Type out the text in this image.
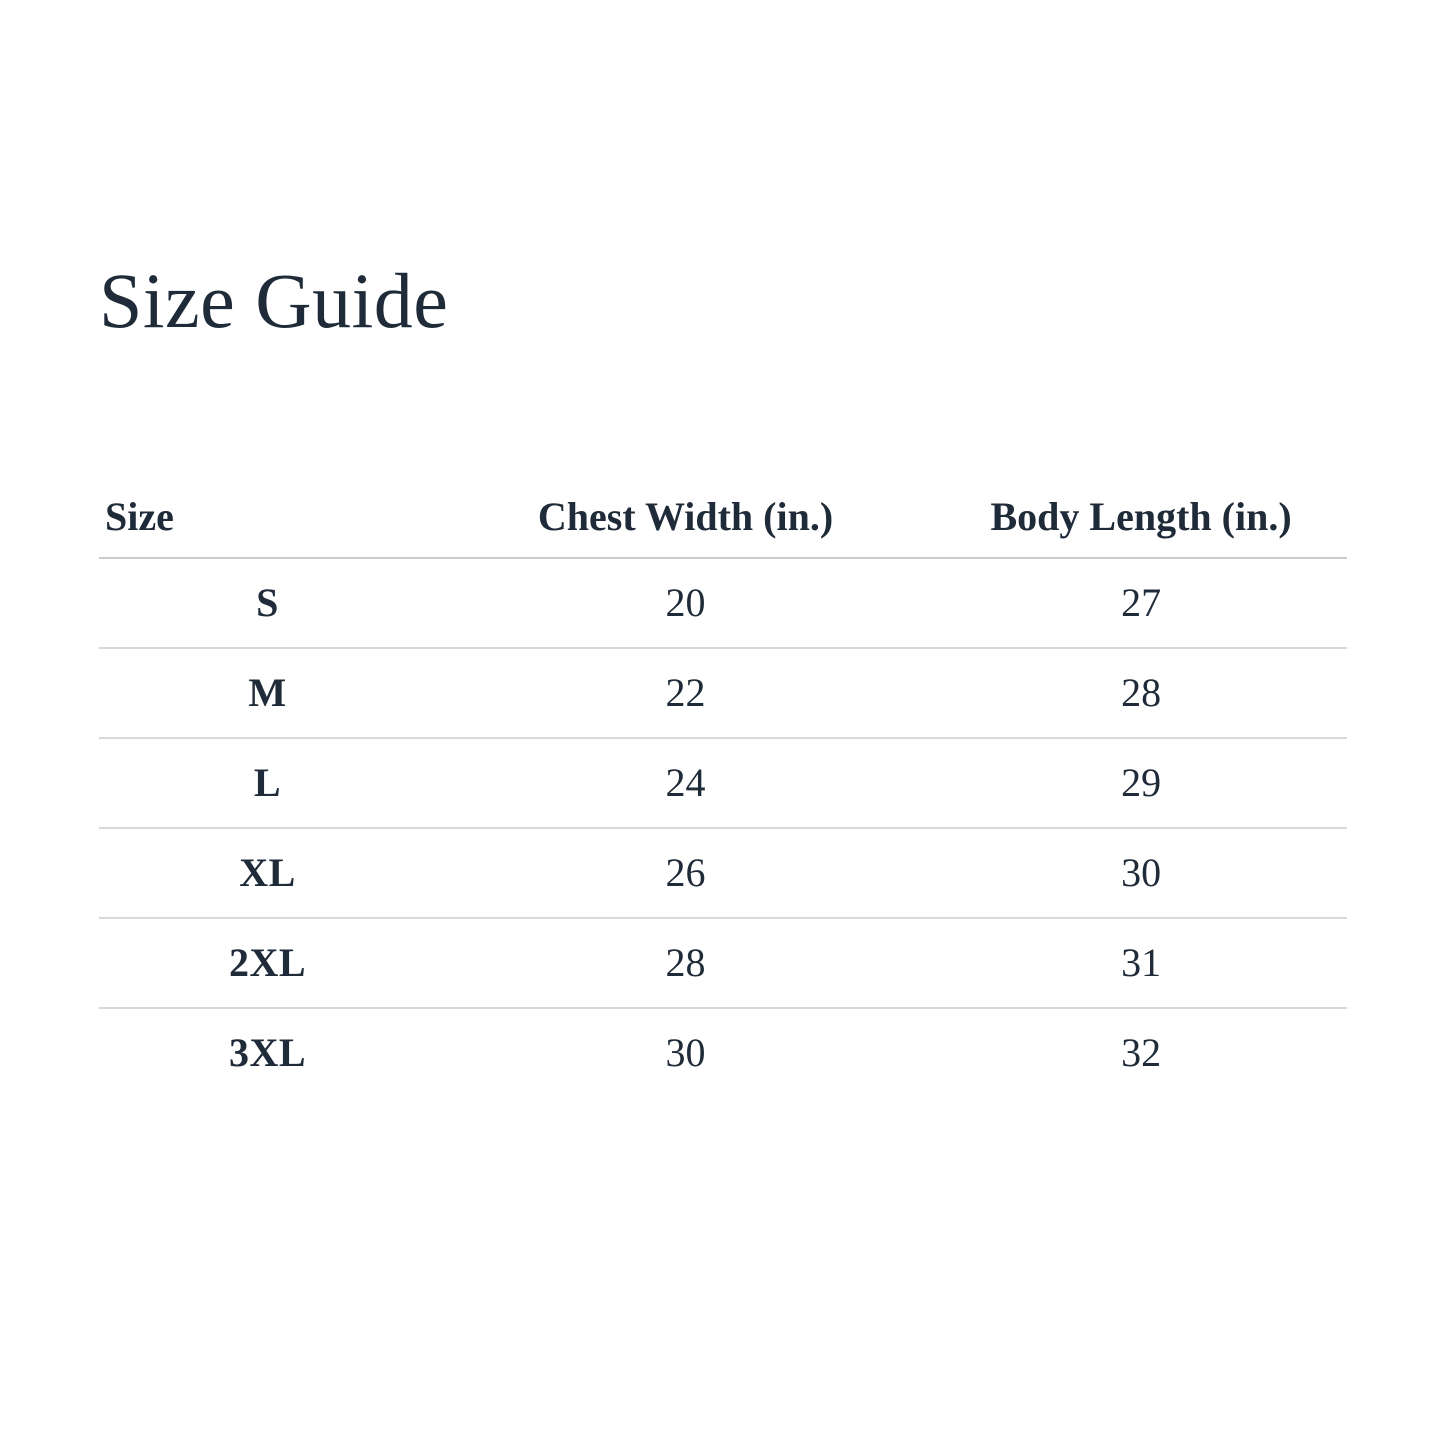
Size Guide
Size	Chest Width (in.)	Body Length (in.)
S	20	27
M	22	28
L	24	29
XL	26	30
2XL	28	31
3XL	30	32
